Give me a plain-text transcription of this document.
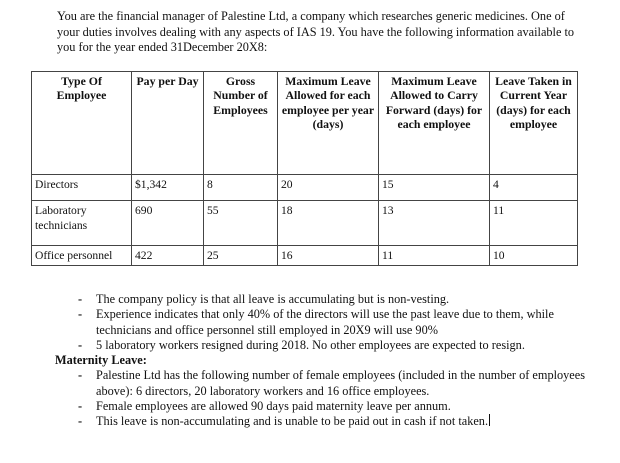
You are the financial manager of Palestine Ltd, a company which researches generic medicines. One of your duties involves dealing with any aspects of IAS 19. You have the following information available to you for the year ended 31December 20X8:
Type Of Employee	Pay per Day	Gross Number of Employees	Maximum Leave Allowed for each employee per year (days)	Maximum Leave Allowed to Carry Forward (days) for each employee	Leave Taken in Current Year (days) for each employee
Directors	$1,342	8	20	15	4
Laboratory technicians	690	55	18	13	11
Office personnel	422	25	16	11	10
- The company policy is that all leave is accumulating but is non-vesting.
- Experience indicates that only 40% of the directors will use the past leave due to them, while technicians and office personnel still employed in 20X9 will use 90%
- 5 laboratory workers resigned during 2018. No other employees are expected to resign.
Maternity Leave:
- Palestine Ltd has the following number of female employees (included in the number of employees above): 6 directors, 20 laboratory workers and 16 office employees.
- Female employees are allowed 90 days paid maternity leave per annum.
- This leave is non-accumulating and is unable to be paid out in cash if not taken.
